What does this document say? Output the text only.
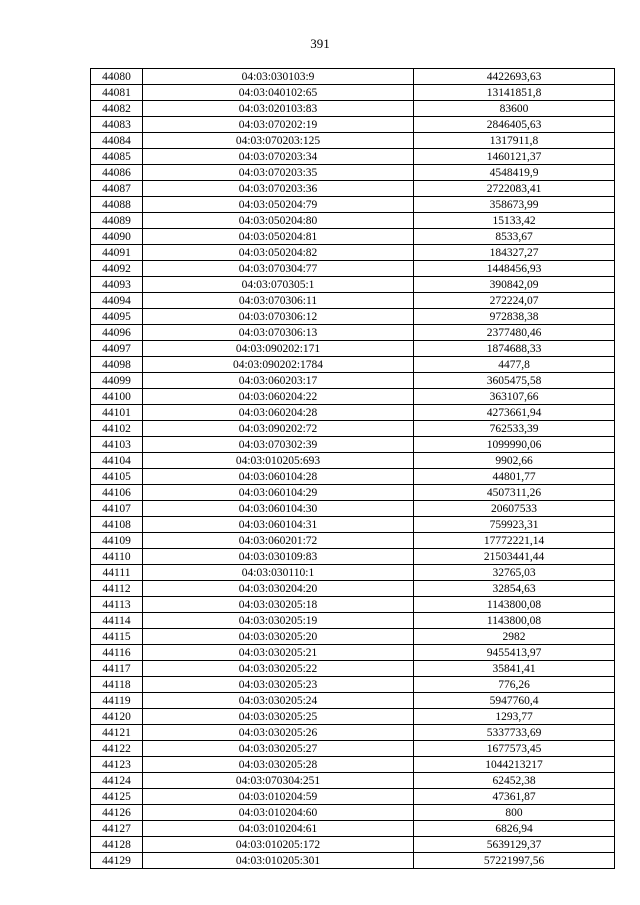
391
44080	04:03:030103:9	4422693,63
44081	04:03:040102:65	13141851,8
44082	04:03:020103:83	83600
44083	04:03:070202:19	2846405,63
44084	04:03:070203:125	1317911,8
44085	04:03:070203:34	1460121,37
44086	04:03:070203:35	4548419,9
44087	04:03:070203:36	2722083,41
44088	04:03:050204:79	358673,99
44089	04:03:050204:80	15133,42
44090	04:03:050204:81	8533,67
44091	04:03:050204:82	184327,27
44092	04:03:070304:77	1448456,93
44093	04:03:070305:1	390842,09
44094	04:03:070306:11	272224,07
44095	04:03:070306:12	972838,38
44096	04:03:070306:13	2377480,46
44097	04:03:090202:171	1874688,33
44098	04:03:090202:1784	4477,8
44099	04:03:060203:17	3605475,58
44100	04:03:060204:22	363107,66
44101	04:03:060204:28	4273661,94
44102	04:03:090202:72	762533,39
44103	04:03:070302:39	1099990,06
44104	04:03:010205:693	9902,66
44105	04:03:060104:28	44801,77
44106	04:03:060104:29	4507311,26
44107	04:03:060104:30	20607533
44108	04:03:060104:31	759923,31
44109	04:03:060201:72	17772221,14
44110	04:03:030109:83	21503441,44
44111	04:03:030110:1	32765,03
44112	04:03:030204:20	32854,63
44113	04:03:030205:18	1143800,08
44114	04:03:030205:19	1143800,08
44115	04:03:030205:20	2982
44116	04:03:030205:21	9455413,97
44117	04:03:030205:22	35841,41
44118	04:03:030205:23	776,26
44119	04:03:030205:24	5947760,4
44120	04:03:030205:25	1293,77
44121	04:03:030205:26	5337733,69
44122	04:03:030205:27	1677573,45
44123	04:03:030205:28	1044213217
44124	04:03:070304:251	62452,38
44125	04:03:010204:59	47361,87
44126	04:03:010204:60	800
44127	04:03:010204:61	6826,94
44128	04:03:010205:172	5639129,37
44129	04:03:010205:301	57221997,56
